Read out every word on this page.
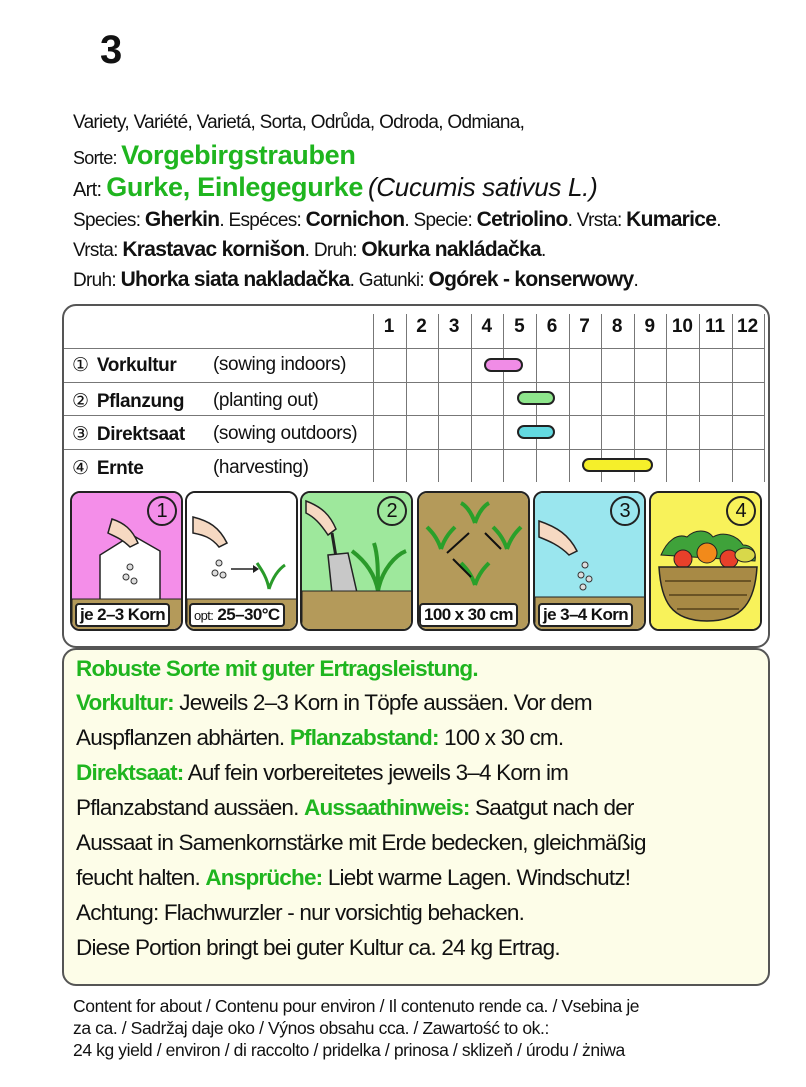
3
Variety, Variété, Varietá, Sorta, Odrůda, Odroda, Odmiana,
Sorte: Vorgebirgstrauben
Art: Gurke, Einlegegurke (Cucumis sativus L.)
Species: Gherkin. Espéces: Cornichon. Specie: Cetriolino. Vrsta: Kumarice.
Vrsta: Krastavac kornišon. Druh: Okurka nakládačka.
Druh: Uhorka siata nakladačka. Gatunki: Ogórek - konserwowy.
1	2	3	4	5	6	7	8	9 10 11 12
① Vorkultur (sowing indoors)
② Pflanzung (planting out)
③ Direktsaat (sowing outdoors)
④ Ernte	(harvesting)
1
je 2–3 Korn	opt: 25–30°C
2
100 x 30 cm
3
je 3–4 Korn
4
Robuste Sorte mit guter Ertragsleistung.
Vorkultur: Jeweils 2–3 Korn in Töpfe aussäen. Vor dem
Auspflanzen abhärten. Pflanzabstand: 100 x 30 cm.
Direktsaat: Auf fein vorbereitetes jeweils 3–4 Korn im
Pflanzabstand aussäen. Aussaathinweis: Saatgut nach der
Aussaat in Samenkornstärke mit Erde bedecken, gleichmäßig
feucht halten. Ansprüche: Liebt warme Lagen. Windschutz!
Achtung: Flachwurzler - nur vorsichtig behacken.
Diese Portion bringt bei guter Kultur ca. 24 kg Ertrag.
Content for about / Contenu pour environ / Il contenuto rende ca. / Vsebina je
za ca. / Sadržaj daje oko / Výnos obsahu cca. / Zawartość to ok.:
24 kg yield / environ / di raccolto / pridelka / prinosa / sklizeň / úrodu / żniwa
